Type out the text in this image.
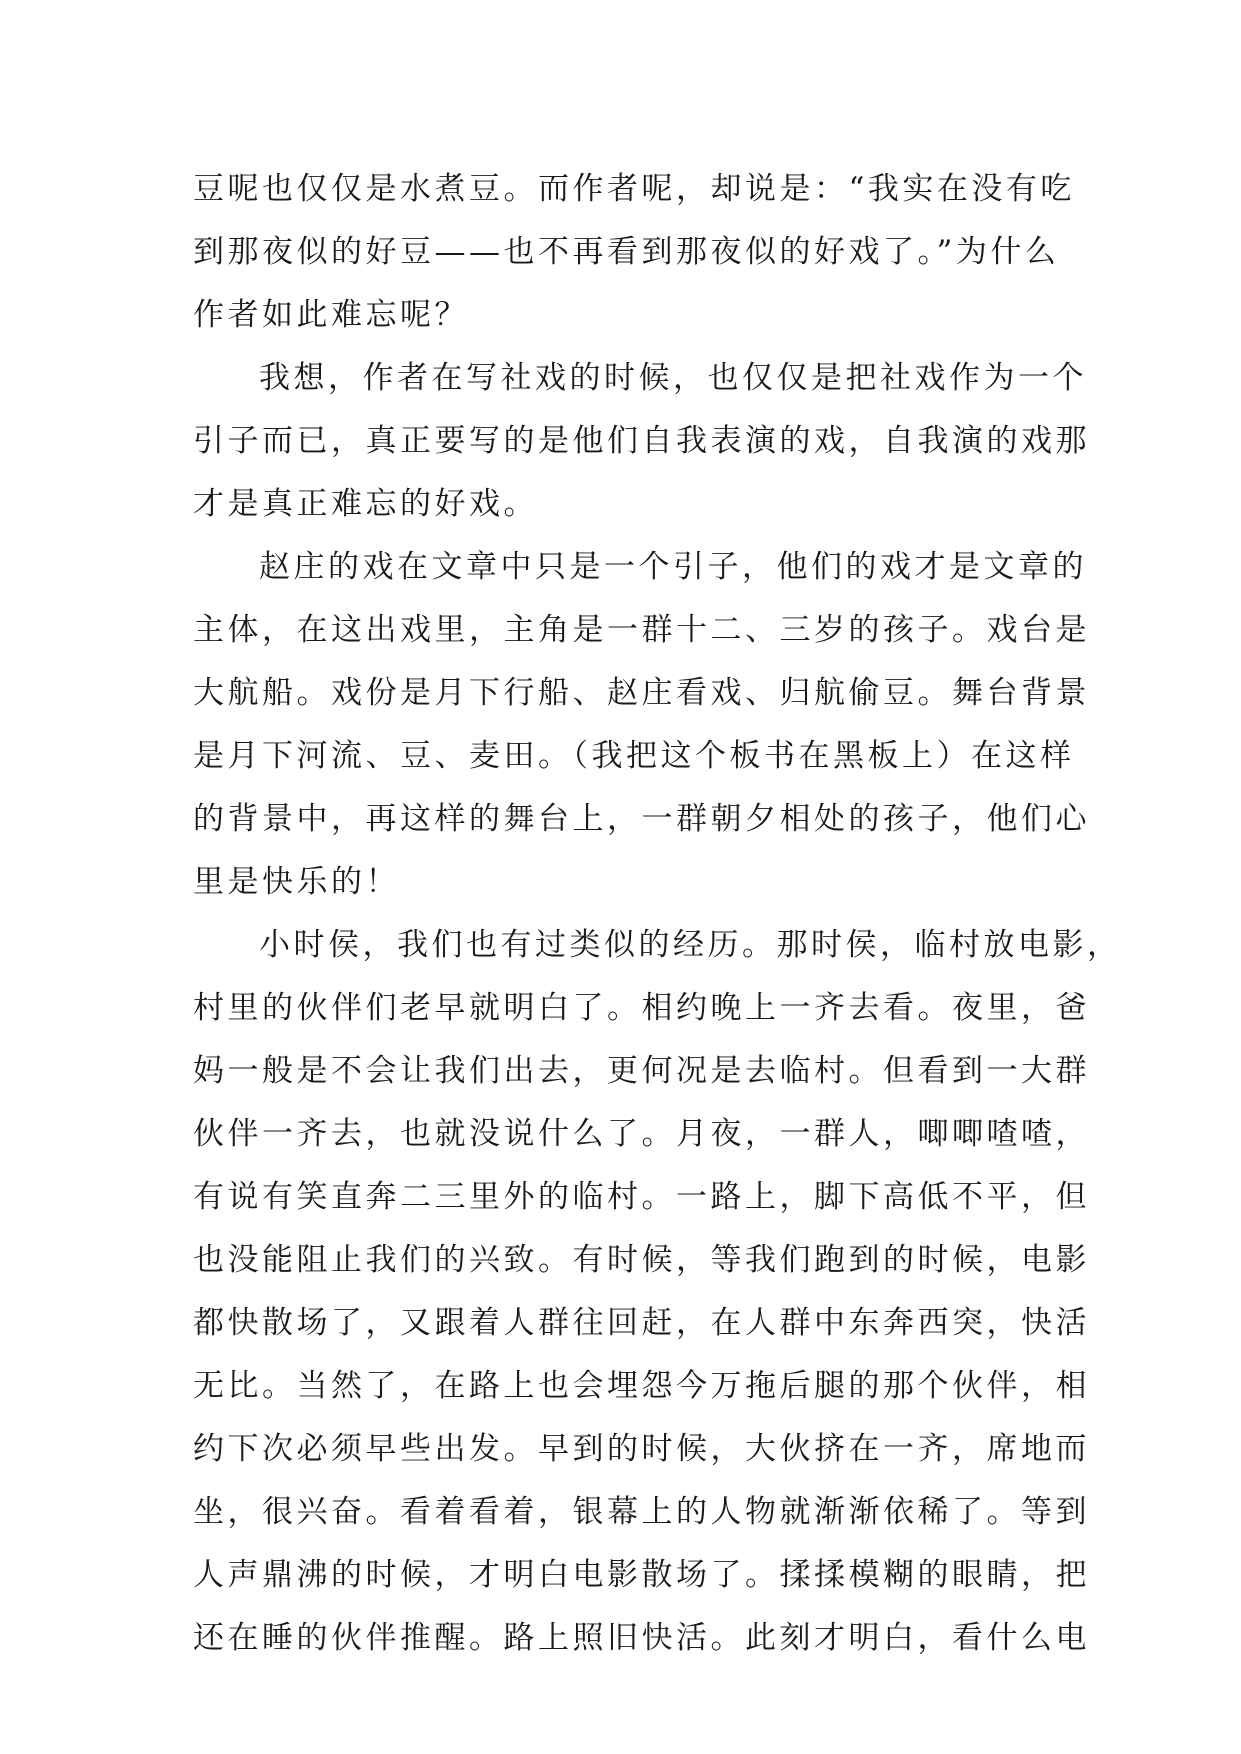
豆呢也仅仅是水煮豆。而作者呢，却说是：“我实在没有吃
到那夜似的好豆——也不再看到那夜似的好戏了。”为什么
作者如此难忘呢？
我想，作者在写社戏的时候，也仅仅是把社戏作为一个
引子而已，真正要写的是他们自我表演的戏，自我演的戏那
才是真正难忘的好戏。
赵庄的戏在文章中只是一个引子，他们的戏才是文章的
主体，在这出戏里，主角是一群十二、三岁的孩子。戏台是
大航船。戏份是月下行船、赵庄看戏、归航偷豆。舞台背景
是月下河流、豆、麦田。（我把这个板书在黑板上）在这样
的背景中，再这样的舞台上，一群朝夕相处的孩子，他们心
里是快乐的！
小时侯，我们也有过类似的经历。那时侯，临村放电影，
村里的伙伴们老早就明白了。相约晚上一齐去看。夜里，爸
妈一般是不会让我们出去，更何况是去临村。但看到一大群
伙伴一齐去，也就没说什么了。月夜，一群人，唧唧喳喳，
有说有笑直奔二三里外的临村。一路上，脚下高低不平，但
也没能阻止我们的兴致。有时候，等我们跑到的时候，电影
都快散场了，又跟着人群往回赶，在人群中东奔西突，快活
无比。当然了，在路上也会埋怨今万拖后腿的那个伙伴，相
约下次必须早些出发。早到的时候，大伙挤在一齐，席地而
坐，很兴奋。看着看着，银幕上的人物就渐渐依稀了。等到
人声鼎沸的时候，才明白电影散场了。揉揉模糊的眼睛，把
还在睡的伙伴推醒。路上照旧快活。此刻才明白，看什么电
